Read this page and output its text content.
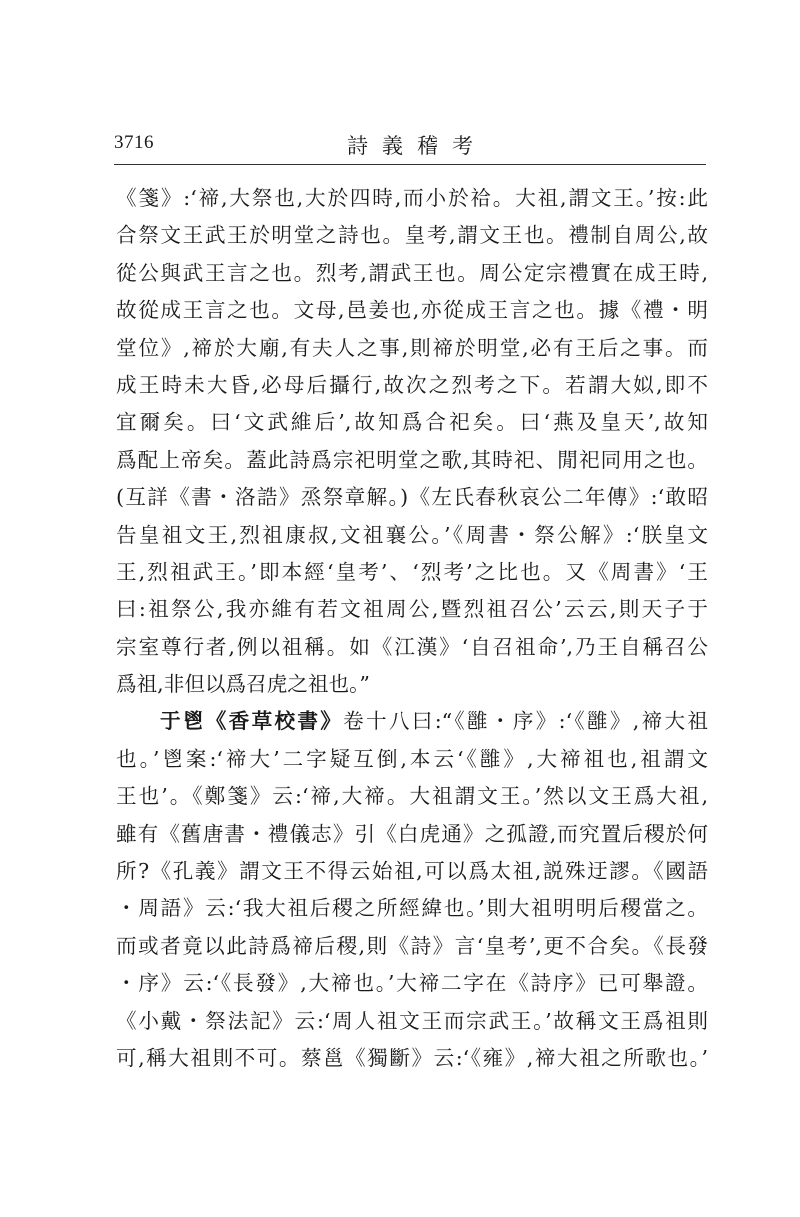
3716	詩義稽考
《箋》:‘禘,大祭也,大於四時,而小於祫。大祖,謂文王。’按:此
合祭文王武王於明堂之詩也。皇考,謂文王也。禮制自周公,故
從公與武王言之也。烈考,謂武王也。周公定宗禮實在成王時,
故從成王言之也。文母,邑姜也,亦從成王言之也。據《禮・明
堂位》,禘於大廟,有夫人之事,則禘於明堂,必有王后之事。而
成王時未大昏,必母后攝行,故次之烈考之下。若謂大姒,即不
宜爾矣。曰‘文武維后’,故知爲合祀矣。曰‘燕及皇天’,故知
爲配上帝矣。蓋此詩爲宗祀明堂之歌,其時祀、閒祀同用之也。
(互詳《書・洛誥》烝祭章解。)《左氏春秋哀公二年傳》:‘敢昭
告皇祖文王,烈祖康叔,文祖襄公。’《周書・祭公解》:‘朕皇文
王,烈祖武王。’即本經‘皇考’、‘烈考’之比也。又《周書》‘王
曰:祖祭公,我亦維有若文祖周公,暨烈祖召公’云云,則天子于
宗室尊行者,例以祖稱。如《江漢》‘自召祖命’,乃王自稱召公
爲祖,非但以爲召虎之祖也。”
于鬯《香草校書》卷十八曰:“《雝・序》:‘《雝》,禘大祖
也。’鬯案:‘禘大’二字疑互倒,本云‘《雝》,大禘祖也,祖謂文
王也’。《鄭箋》云:‘禘,大禘。大祖謂文王。’然以文王爲大祖,
雖有《舊唐書・禮儀志》引《白虎通》之孤證,而究置后稷於何
所?《孔義》謂文王不得云始祖,可以爲太祖,説殊迂謬。《國語
・周語》云:‘我大祖后稷之所經緯也。’則大祖明明后稷當之。
而或者竟以此詩爲禘后稷,則《詩》言‘皇考’,更不合矣。《長發
・序》云:‘《長發》,大禘也。’大禘二字在《詩序》已可舉證。
《小戴・祭法記》云:‘周人祖文王而宗武王。’故稱文王爲祖則
可,稱大祖則不可。蔡邕《獨斷》云:‘《雍》,禘大祖之所歌也。’
